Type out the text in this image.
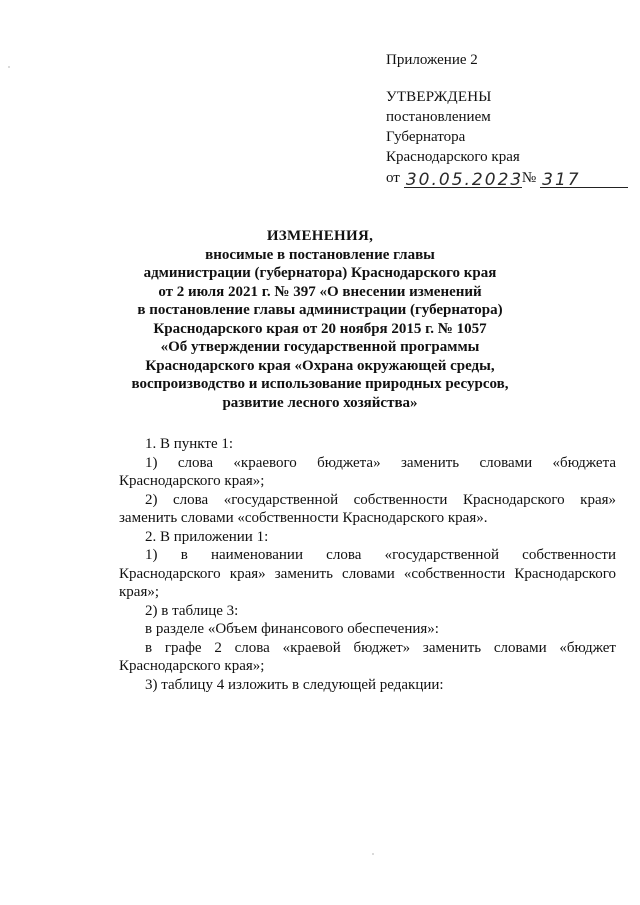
Приложение 2
УТВЕРЖДЕНЫ
постановлением
Губернатора
Краснодарского края
от 30.05.2023
№ 317
ИЗМЕНЕНИЯ,
вносимые в постановление главы
администрации (губернатора) Краснодарского края
от 2 июля 2021 г. № 397 «О внесении изменений
в постановление главы администрации (губернатора)
Краснодарского края от 20 ноября 2015 г. № 1057
«Об утверждении государственной программы
Краснодарского края «Охрана окружающей среды,
воспроизводство и использование природных ресурсов,
развитие лесного хозяйства»

1. В пункте 1:

1) слова «краевого бюджета» заменить словами «бюджета Краснодарского края»;

2) слова «государственной собственности Краснодарского края» заменить словами «собственности Краснодарского края».

2. В приложении 1:

1) в наименовании слова «государственной собственности Краснодарского края» заменить словами «собственности Краснодарского края»;

2) в таблице 3:

в разделе «Объем финансового обеспечения»:

в графе 2 слова «краевой бюджет» заменить словами «бюджет Краснодарского края»;

3) таблицу 4 изложить в следующей редакции:
